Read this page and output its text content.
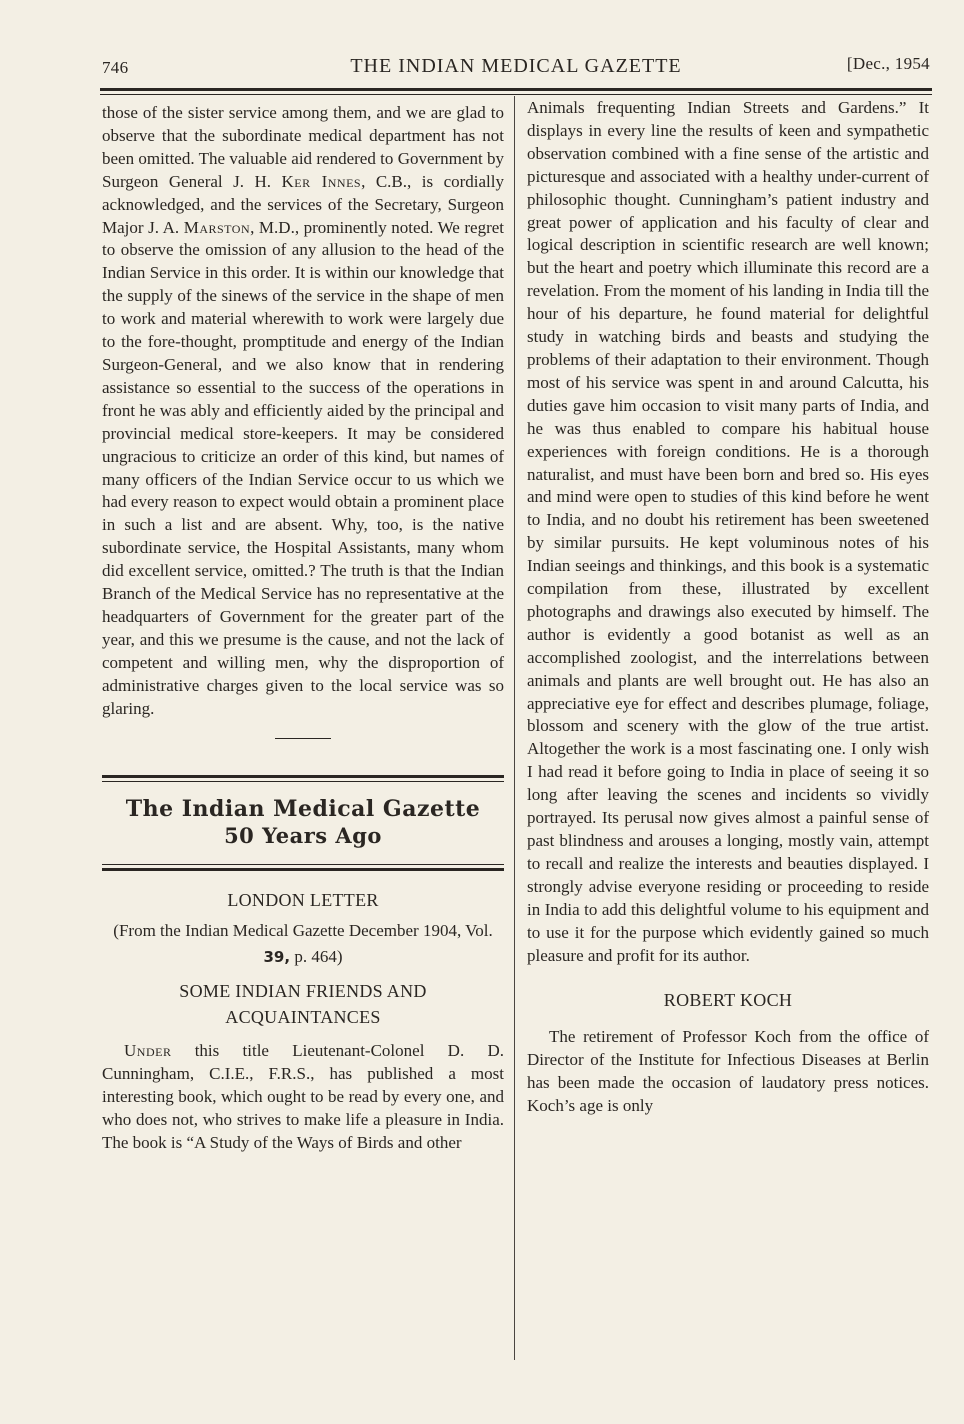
746	THE INDIAN MEDICAL GAZETTE	[Dec., 1954

those of the sister service among them, and we are glad to observe that the subordinate medical department has not been omitted. The valuable aid rendered to Government by Surgeon General J. H. Ker Innes, C.B., is cordially acknowledged, and the services of the Secretary, Surgeon Major J. A. Marston, M.D., prominently noted. We regret to observe the omission of any allusion to the head of the Indian Service in this order. It is within our knowledge that the supply of the sinews of the service in the shape of men to work and material wherewith to work were largely due to the fore-thought, promptitude and energy of the Indian Surgeon-General, and we also know that in rendering assistance so essential to the success of the operations in front he was ably and efficiently aided by the principal and provincial medical store-keepers. It may be considered ungracious to criticize an order of this kind, but names of many officers of the Indian Service occur to us which we had every reason to expect would obtain a prominent place in such a list and are absent. Why, too, is the native subordinate service, the Hospital Assistants, many whom did excellent service, omitted.? The truth is that the Indian Branch of the Medical Service has no representative at the headquarters of Government for the greater part of the year, and this we presume is the cause, and not the lack of competent and willing men, why the disproportion of administrative charges given to the local service was so glaring.

The Indian Medical Gazette
50 Years Ago
LONDON LETTER
(From the Indian Medical Gazette December 1904, Vol. 39, p. 464)
SOME INDIAN FRIENDS AND
ACQUAINTANCES

Under this title Lieutenant-Colonel D. D. Cunningham, C.I.E., F.R.S., has published a most interesting book, which ought to be read by every one, and who does not, who strives to make life a pleasure in India. The book is “A Study of the Ways of Birds and other

Animals frequenting Indian Streets and Gardens.” It displays in every line the results of keen and sympathetic observation combined with a fine sense of the artistic and picturesque and associated with a healthy under-current of philosophic thought. Cunningham’s patient industry and great power of application and his faculty of clear and logical description in scientific research are well known; but the heart and poetry which illuminate this record are a revelation. From the moment of his landing in India till the hour of his departure, he found material for delightful study in watching birds and beasts and studying the problems of their adaptation to their environment. Though most of his service was spent in and around Calcutta, his duties gave him occasion to visit many parts of India, and he was thus enabled to compare his habitual house experiences with foreign conditions. He is a thorough naturalist, and must have been born and bred so. His eyes and mind were open to studies of this kind before he went to India, and no doubt his retirement has been sweetened by similar pursuits. He kept voluminous notes of his Indian seeings and thinkings, and this book is a systematic compilation from these, illustrated by excellent photographs and drawings also executed by himself. The author is evidently a good botanist as well as an accomplished zoologist, and the interrelations between animals and plants are well brought out. He has also an appreciative eye for effect and describes plumage, foliage, blossom and scenery with the glow of the true artist. Altogether the work is a most fascinating one. I only wish I had read it before going to India in place of seeing it so long after leaving the scenes and incidents so vividly portrayed. Its perusal now gives almost a painful sense of past blindness and arouses a longing, mostly vain, attempt to recall and realize the interests and beauties displayed. I strongly advise everyone residing or proceeding to reside in India to add this delightful volume to his equipment and to use it for the purpose which evidently gained so much pleasure and profit for its author.

ROBERT KOCH

The retirement of Professor Koch from the office of Director of the Institute for Infectious Diseases at Berlin has been made the occasion of laudatory press notices. Koch’s age is only
